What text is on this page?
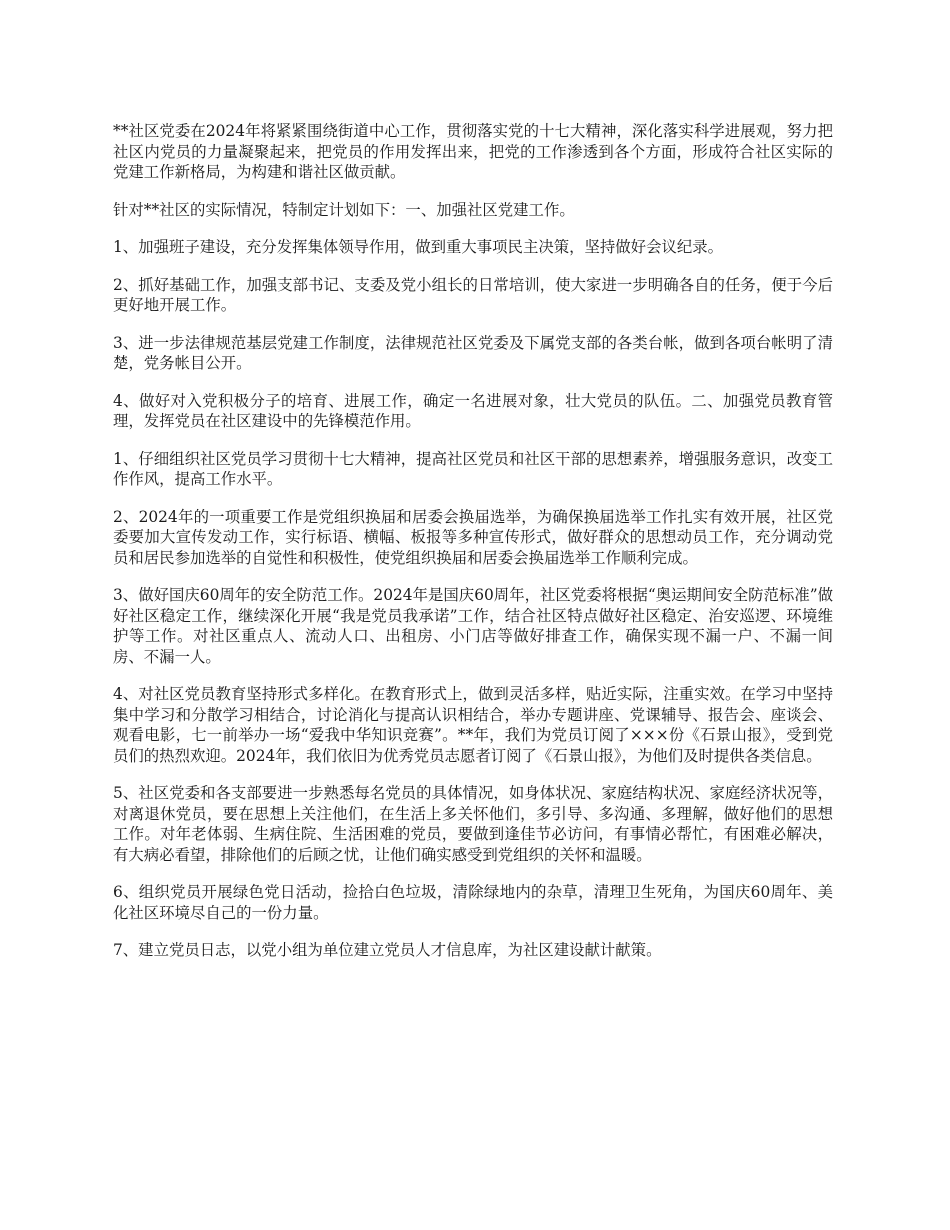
**社区党委在2024年将紧紧围绕街道中心工作，贯彻落实党的十七大精神，深化落实科学进展观，努力把社区内党员的力量凝聚起来，把党员的作用发挥出来，把党的工作渗透到各个方面，形成符合社区实际的党建工作新格局，为构建和谐社区做贡献。

针对**社区的实际情况，特制定计划如下：一、加强社区党建工作。

1、加强班子建设，充分发挥集体领导作用，做到重大事项民主决策，坚持做好会议纪录。

2、抓好基础工作，加强支部书记、支委及党小组长的日常培训，使大家进一步明确各自的任务，便于今后更好地开展工作。

3、进一步法律规范基层党建工作制度，法律规范社区党委及下属党支部的各类台帐，做到各项台帐明了清楚，党务帐目公开。

4、做好对入党积极分子的培育、进展工作，确定一名进展对象，壮大党员的队伍。二、加强党员教育管理，发挥党员在社区建设中的先锋模范作用。

1、仔细组织社区党员学习贯彻十七大精神，提高社区党员和社区干部的思想素养，增强服务意识，改变工作作风，提高工作水平。

2、2024年的一项重要工作是党组织换届和居委会换届选举，为确保换届选举工作扎实有效开展，社区党委要加大宣传发动工作，实行标语、横幅、板报等多种宣传形式，做好群众的思想动员工作，充分调动党员和居民参加选举的自觉性和积极性，使党组织换届和居委会换届选举工作顺利完成。

3、做好国庆60周年的安全防范工作。2024年是国庆60周年，社区党委将根据“奥运期间安全防范标准”做好社区稳定工作，继续深化开展“我是党员我承诺”工作，结合社区特点做好社区稳定、治安巡逻、环境维护等工作。对社区重点人、流动人口、出租房、小门店等做好排查工作，确保实现不漏一户、不漏一间房、不漏一人。

4、对社区党员教育坚持形式多样化。在教育形式上，做到灵活多样，贴近实际，注重实效。在学习中坚持集中学习和分散学习相结合，讨论消化与提高认识相结合，举办专题讲座、党课辅导、报告会、座谈会、观看电影，七一前举办一场“爱我中华知识竞赛”。**年，我们为党员订阅了×××份《石景山报》，受到党员们的热烈欢迎。2024年，我们依旧为优秀党员志愿者订阅了《石景山报》，为他们及时提供各类信息。

5、社区党委和各支部要进一步熟悉每名党员的具体情况，如身体状况、家庭结构状况、家庭经济状况等，对离退休党员，要在思想上关注他们，在生活上多关怀他们，多引导、多沟通、多理解，做好他们的思想工作。对年老体弱、生病住院、生活困难的党员，要做到逢佳节必访问，有事情必帮忙，有困难必解决，有大病必看望，排除他们的后顾之忧，让他们确实感受到党组织的关怀和温暖。

6、组织党员开展绿色党日活动，捡拾白色垃圾，清除绿地内的杂草，清理卫生死角，为国庆60周年、美化社区环境尽自己的一份力量。

7、建立党员日志，以党小组为单位建立党员人才信息库，为社区建设献计献策。
